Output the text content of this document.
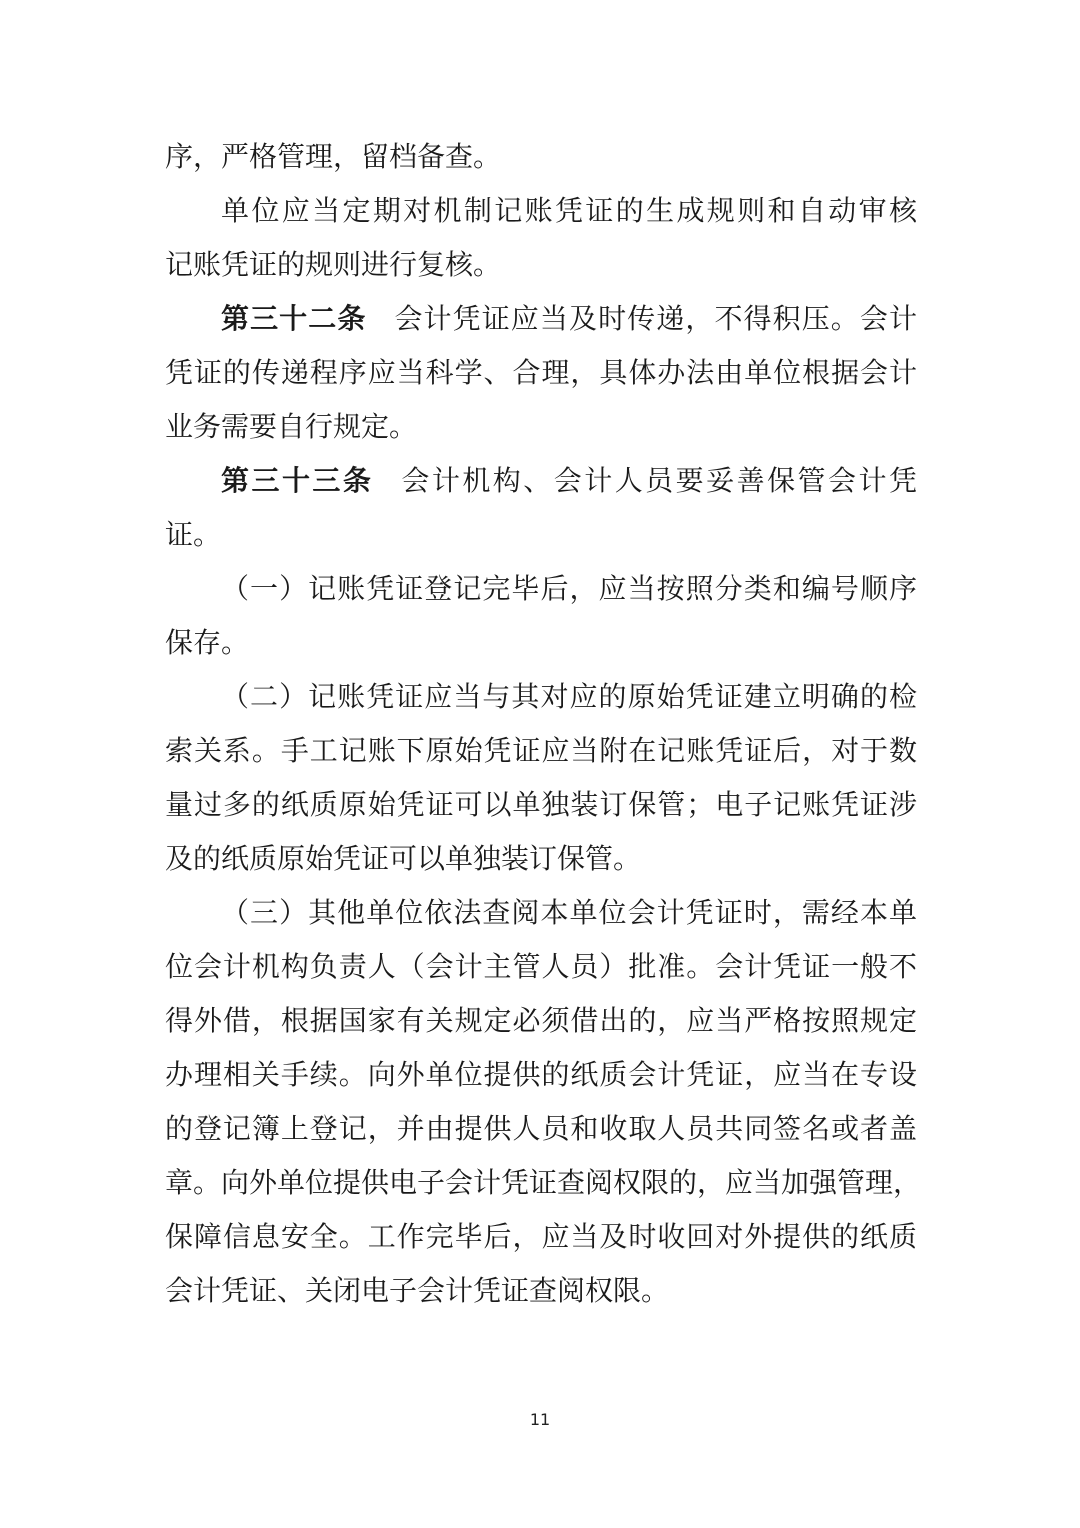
序，严格管理，留档备查。
单位应当定期对机制记账凭证的生成规则和自动审核
记账凭证的规则进行复核。
第三十二条 会计凭证应当及时传递，不得积压。会计
凭证的传递程序应当科学、合理，具体办法由单位根据会计
业务需要自行规定。
第三十三条 会计机构、会计人员要妥善保管会计凭
证。
（一）记账凭证登记完毕后，应当按照分类和编号顺序
保存。
（二）记账凭证应当与其对应的原始凭证建立明确的检
索关系。手工记账下原始凭证应当附在记账凭证后，对于数
量过多的纸质原始凭证可以单独装订保管；电子记账凭证涉
及的纸质原始凭证可以单独装订保管。
（三）其他单位依法查阅本单位会计凭证时，需经本单
位会计机构负责人（会计主管人员）批准。会计凭证一般不
得外借，根据国家有关规定必须借出的，应当严格按照规定
办理相关手续。向外单位提供的纸质会计凭证，应当在专设
的登记簿上登记，并由提供人员和收取人员共同签名或者盖
章。向外单位提供电子会计凭证查阅权限的，应当加强管理，
保障信息安全。工作完毕后，应当及时收回对外提供的纸质
会计凭证、关闭电子会计凭证查阅权限。
11
